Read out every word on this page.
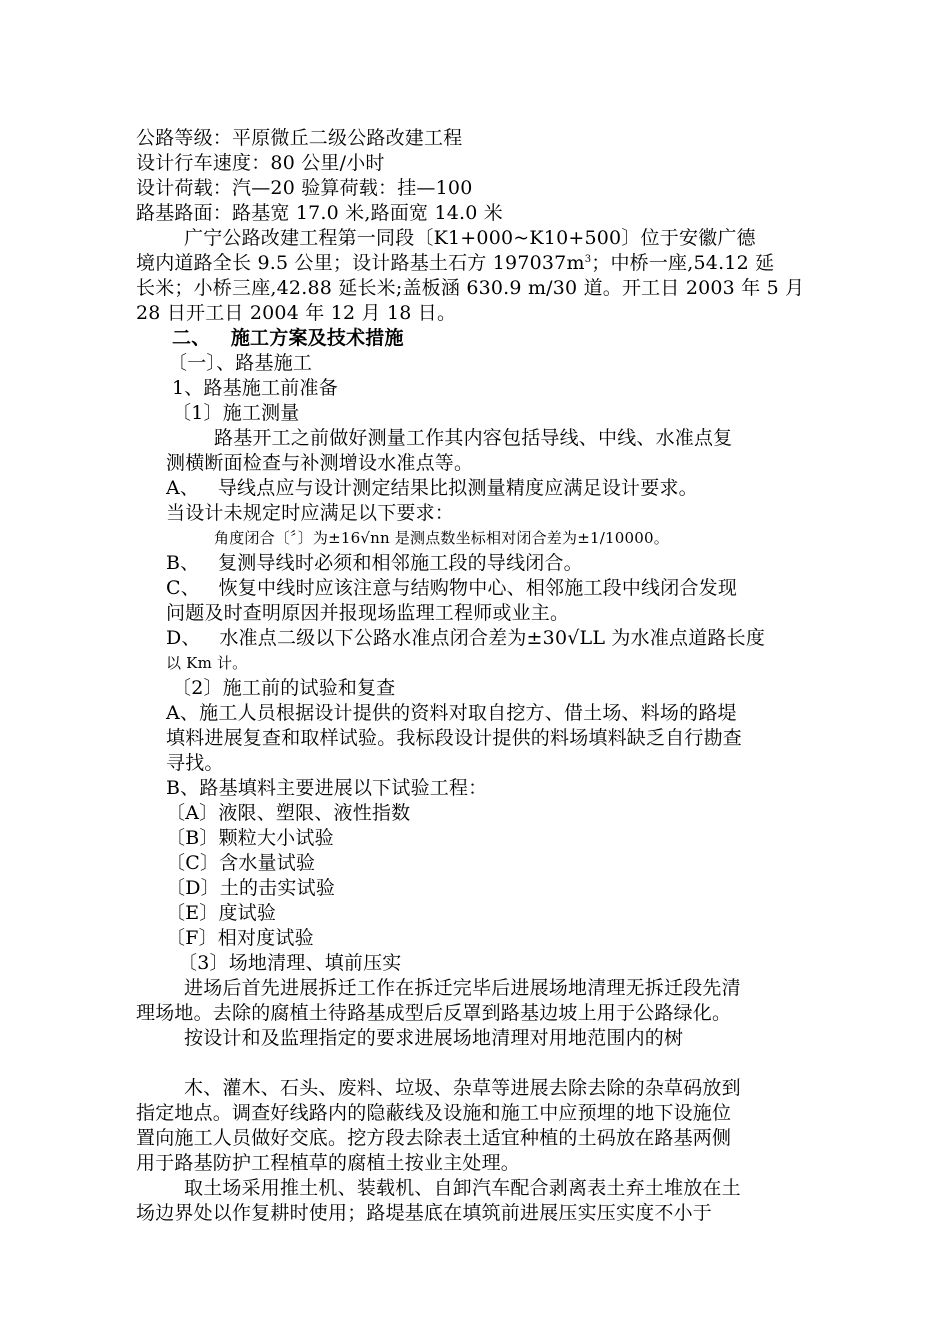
公路等级：平原微丘二级公路改建工程
设计行车速度：80 公里/小时
设计荷载：汽—20 验算荷载：挂—100
路基路面：路基宽 17.0 米,路面宽 14.0 米
广宁公路改建工程第一同段〔K1+000~K10+500〕位于安徽广德
境内道路全长 9.5 公里；设计路基土石方 $197037m^3$；中桥一座,54.12 延
长米；小桥三座,42.88 延长米;盖板涵 630.9 m/30 道。开工日 2003 年 5 月
28 日开工日 2004 年 12 月 18 日。
二、   施工方案及技术措施
〔一〕、路基施工
1、路基施工前准备
〔1〕施工测量
路基开工之前做好测量工作其内容包括导线、中线、水准点复
测横断面检查与补测增设水准点等。
A、   导线点应与设计测定结果比拟测量精度应满足设计要求。
当设计未规定时应满足以下要求：
角度闭合〔〞〕为±16√nn 是测点数坐标相对闭合差为±1/10000。
B、   复测导线时必须和相邻施工段的导线闭合。
C、   恢复中线时应该注意与结购物中心、相邻施工段中线闭合发现
问题及时查明原因并报现场监理工程师或业主。
D、   水准点二级以下公路水准点闭合差为±30√LL 为水准点道路长度
以 Km 计。
〔2〕施工前的试验和复查
A、施工人员根据设计提供的资料对取自挖方、借土场、料场的路堤
填料进展复查和取样试验。我标段设计提供的料场填料缺乏自行勘查
寻找。
B、路基填料主要进展以下试验工程：
〔A〕液限、塑限、液性指数
〔B〕颗粒大小试验
〔C〕含水量试验
〔D〕土的击实试验
〔E〕度试验
〔F〕相对度试验
〔3〕场地清理、填前压实
进场后首先进展拆迁工作在拆迁完毕后进展场地清理无拆迁段先清
理场地。去除的腐植土待路基成型后反罩到路基边坡上用于公路绿化。
按设计和及监理指定的要求进展场地清理对用地范围内的树
木、灌木、石头、废料、垃圾、杂草等进展去除去除的杂草码放到
指定地点。调查好线路内的隐蔽线及设施和施工中应预埋的地下设施位
置向施工人员做好交底。挖方段去除表土适宜种植的土码放在路基两侧
用于路基防护工程植草的腐植土按业主处理。
取土场采用推土机、装载机、自卸汽车配合剥离表土弃土堆放在土
场边界处以作复耕时使用；路堤基底在填筑前进展压实压实度不小于
